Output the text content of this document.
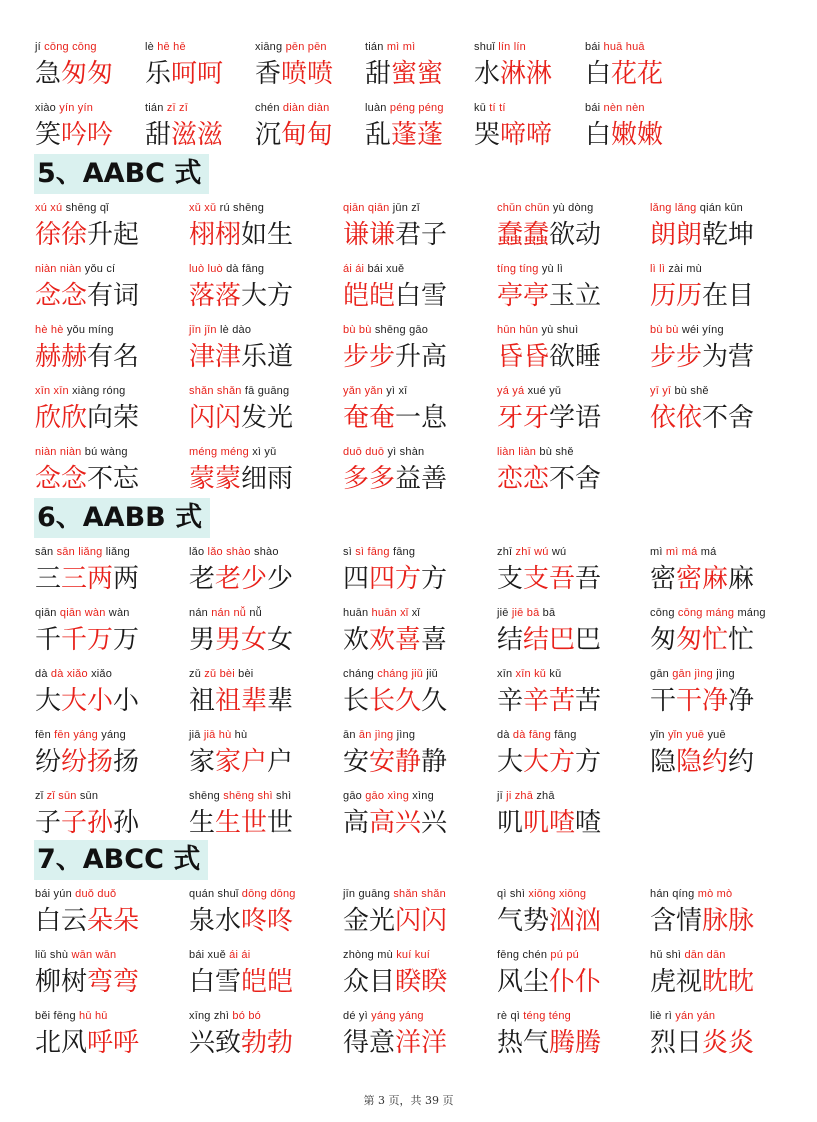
jí cōng cōng
急匆匆
lè hē hē
乐呵呵
xiāng pēn pēn
香喷喷
tián mì mì
甜蜜蜜
shuǐ lín lín
水淋淋
bái huā huā
白花花
xiào yín yín
笑吟吟
tián zī zī
甜滋滋
chén diàn diàn
沉甸甸
luàn péng péng
乱蓬蓬
kū tí tí
哭啼啼
bái nèn nèn
白嫩嫩
5、AABC 式
xú xú shēng qǐ
徐徐升起
xǔ xǔ rú shēng
栩栩如生
qiān qiān jūn zǐ
谦谦君子
chǔn chǔn yù dòng
蠢蠢欲动
lǎng lǎng qián kūn
朗朗乾坤
niàn niàn yǒu cí
念念有词
luò luò dà fāng
落落大方
ái ái bái xuě
皑皑白雪
tíng tíng yù lì
亭亭玉立
lì lì zài mù
历历在目
hè hè yǒu míng
赫赫有名
jīn jīn lè dào
津津乐道
bù bù shēng gāo
步步升高
hūn hūn yù shuì
昏昏欲睡
bù bù wéi yíng
步步为营
xīn xīn xiàng róng
欣欣向荣
shǎn shǎn fā guāng
闪闪发光
yǎn yǎn yì xī
奄奄一息
yá yá xué yǔ
牙牙学语
yī yī bù shě
依依不舍
niàn niàn bú wàng
念念不忘
méng méng xì yǔ
蒙蒙细雨
duō duō yì shàn
多多益善
liàn liàn bù shě
恋恋不舍
6、AABB 式
sān sān liǎng liǎng
三三两两
lǎo lǎo shào shào
老老少少
sì sì fāng fāng
四四方方
zhī zhī wú wú
支支吾吾
mì mì má má
密密麻麻
qiān qiān wàn wàn
千千万万
nán nán nǚ nǚ
男男女女
huān huān xǐ xǐ
欢欢喜喜
jiē jiē bā bā
结结巴巴
cōng cōng máng máng
匆匆忙忙
dà dà xiǎo xiǎo
大大小小
zǔ zǔ bèi bèi
祖祖辈辈
cháng cháng jiǔ jiǔ
长长久久
xīn xīn kǔ kǔ
辛辛苦苦
gān gān jìng jìng
干干净净
fēn fēn yáng yáng
纷纷扬扬
jiā jiā hù hù
家家户户
ān ān jìng jìng
安安静静
dà dà fāng fāng
大大方方
yǐn yǐn yuē yuē
隐隐约约
zǐ zǐ sūn sūn
子子孙孙
shēng shēng shì shì
生生世世
gāo gāo xìng xìng
高高兴兴
jī ji zhā zhā
叽叽喳喳
7、ABCC 式
bái yún duǒ duǒ
白云朵朵
quán shuǐ dōng dōng
泉水咚咚
jīn guāng shǎn shǎn
金光闪闪
qì shì xiōng xiōng
气势汹汹
hán qíng mò mò
含情脉脉
liǔ shù wān wān
柳树弯弯
bái xuě ái ái
白雪皑皑
zhòng mù kuí kuí
众目睽睽
fēng chén pú pú
风尘仆仆
hǔ shì dān dān
虎视眈眈
běi fēng hū hū
北风呼呼
xīng zhì bó bó
兴致勃勃
dé yì yáng yáng
得意洋洋
rè qì téng téng
热气腾腾
liè rì yán yán
烈日炎炎
第 3 页，共 39 页
